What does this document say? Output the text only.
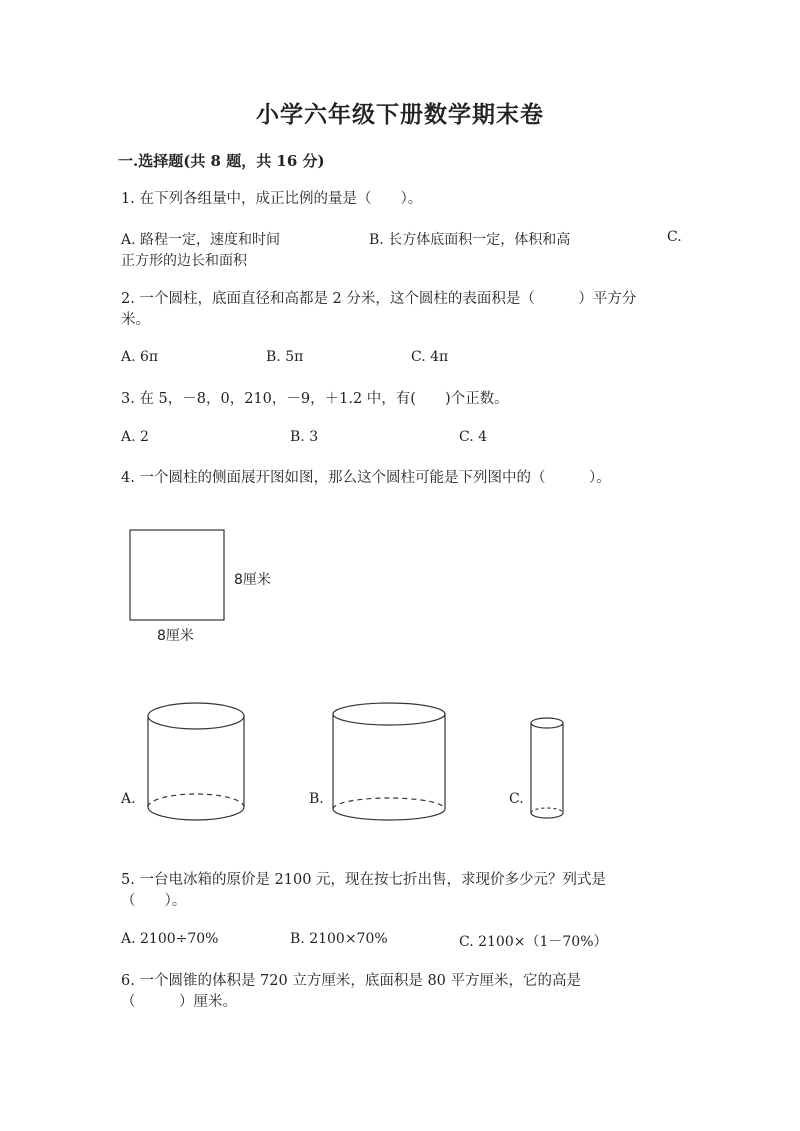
小学六年级下册数学期末卷
一.选择题(共 8 题，共 16 分)
1. 在下列各组量中，成正比例的量是（　　）。
A. 路程一定，速度和时间	B. 长方体底面积一定，体积和高	C.
正方形的边长和面积
2. 一个圆柱，底面直径和高都是 2 分米，这个圆柱的表面积是（　　　）平方分
米。
A. 6π	B. 5π	C. 4π
3. 在 5，－8，0，210，－9，＋1.2 中，有(　　)个正数。
A. 2	B. 3	C. 4
4. 一个圆柱的侧面展开图如图，那么这个圆柱可能是下列图中的（　　　）。
8厘米
8厘米
A.	B.	C.
5. 一台电冰箱的原价是 2100 元，现在按七折出售，求现价多少元？列式是
（　　）。
A. 2100÷70%	B. 2100×70%	C. 2100×（1－70%）
6. 一个圆锥的体积是 720 立方厘米，底面积是 80 平方厘米，它的高是
（　　　）厘米。
